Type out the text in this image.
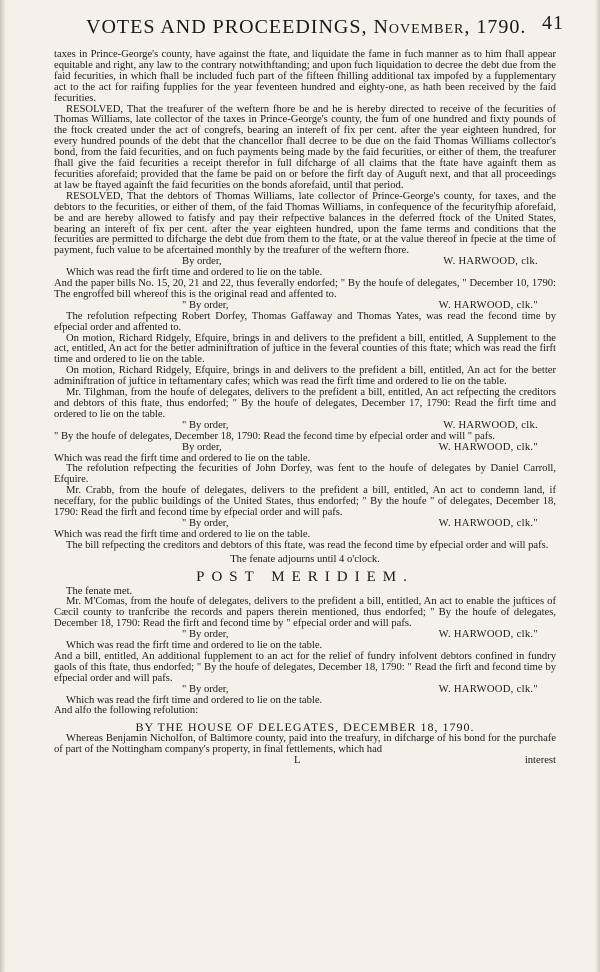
VOTES AND PROCEEDINGS, November, 1790. 41

taxes in Prince-George's county, have against the ftate, and liquidate the fame in fuch manner as to him fhall appear equitable and right, any law to the contrary notwithftanding; and upon fuch liquidation to decree the debt due from the faid fecurities, in which fhall be included fuch part of the fifteen fhilling additional tax impofed by a fupplementary act to the act for raifing fupplies for the year feventeen hundred and eighty-one, as hath been received by the faid fecurities.

RESOLVED, That the treafurer of the weftern fhore be and he is hereby directed to receive of the fecurities of Thomas Williams, late collector of the taxes in Prince-George's county, the fum of one hundred and fixty pounds of the ftock created under the act of congrefs, bearing an intereft of fix per cent. after the year eighteen hundred, for every hundred pounds of the debt that the chancellor fhall decree to be due on the faid Thomas Williams collector's bond, from the faid fecurities, and on fuch payments being made by the faid fecurities, or either of them, the treafurer fhall give the faid fecurities a receipt therefor in full difcharge of all claims that the ftate have againft them as fecurities aforefaid; provided that the fame be paid on or before the firft day of Auguft next, and that all proceedings at law be ftayed againft the faid fecurities on the bonds aforefaid, until that period.

RESOLVED, That the debtors of Thomas Williams, late collector of Prince-George's county, for taxes, and the debtors to the fecurities, or either of them, of the faid Thomas Williams, in confequence of the fecurityfhip aforefaid, be and are hereby allowed to fatisfy and pay their refpective balances in the deferred ftock of the United States, bearing an intereft of fix per cent. after the year eighteen hundred, upon the fame terms and conditions that the fecurities are permitted to difcharge the debt due from them to the ftate, or at the value thereof in fpecie at the time of payment, fuch value to be afcertained monthly by the treafurer of the weftern fhore.

By order,	W. HARWOOD, clk.

Which was read the firft time and ordered to lie on the table.

And the paper bills No. 15, 20, 21 and 22, thus feverally endorfed; " By the houfe of delegates, " December 10, 1790: The engroffed bill whereof this is the original read and affented to.

" By order,	W. HARWOOD, clk."

The refolution refpecting Robert Dorfey, Thomas Gaffaway and Thomas Yates, was read the fecond time by efpecial order and affented to.

On motion, Richard Ridgely, Efquire, brings in and delivers to the prefident a bill, entitled, A Supplement to the act, entitled, An act for the better adminiftration of juftice in the feveral counties of this ftate; which was read the firft time and ordered to lie on the table.

On motion, Richard Ridgely, Efquire, brings in and delivers to the prefident a bill, entitled, An act for the better adminiftration of juftice in teftamentary cafes; which was read the firft time and ordered to lie on the table.

Mr. Tilghman, from the houfe of delegates, delivers to the prefident a bill, entitled, An act refpecting the creditors and debtors of this ftate, thus endorfed; " By the houfe of delegates, December 17, 1790: Read the firft time and ordered to lie on the table.

" By order,	W. HARWOOD, clk.

" By the houfe of delegates, December 18, 1790: Read the fecond time by efpecial order and will " pafs.

By order,	W. HARWOOD, clk."

Which was read the firft time and ordered to lie on the table.

The refolution refpecting the fecurities of John Dorfey, was fent to the houfe of delegates by Daniel Carroll, Efquire.

Mr. Crabb, from the houfe of delegates, delivers to the prefident a bill, entitled, An act to condemn land, if neceffary, for the public buildings of the United States, thus endorfed; " By the houfe " of delegates, December 18, 1790: Read the firft and fecond time by efpecial order and will pafs.

" By order,	W. HARWOOD, clk."

Which was read the firft time and ordered to lie on the table.

The bill refpecting the creditors and debtors of this ftate, was read the fecond time by efpecial order and will pafs.

The fenate adjourns until 4 o'clock.
POST MERIDIEM.

The fenate met.

Mr. M'Comas, from the houfe of delegates, delivers to the prefident a bill, entitled, An act to enable the juftices of Cæcil county to tranfcribe the records and papers therein mentioned, thus endorfed; " By the houfe of delegates, December 18, 1790: Read the firft and fecond time by " efpecial order and will pafs.

" By order,	W. HARWOOD, clk."

Which was read the firft time and ordered to lie on the table.

And a bill, entitled, An additional fupplement to an act for the relief of fundry infolvent debtors confined in fundry gaols of this ftate, thus endorfed; " By the houfe of delegates, December 18, 1790: " Read the firft and fecond time by efpecial order and will pafs.

" By order,	W. HARWOOD, clk."

Which was read the firft time and ordered to lie on the table.

And alfo the following refolution:

BY THE HOUSE OF DELEGATES, DECEMBER 18, 1790.

Whereas Benjamin Nicholfon, of Baltimore county, paid into the treafury, in difcharge of his bond for the purchafe of part of the Nottingham company's property, in final fettlements, which had

L	interest
